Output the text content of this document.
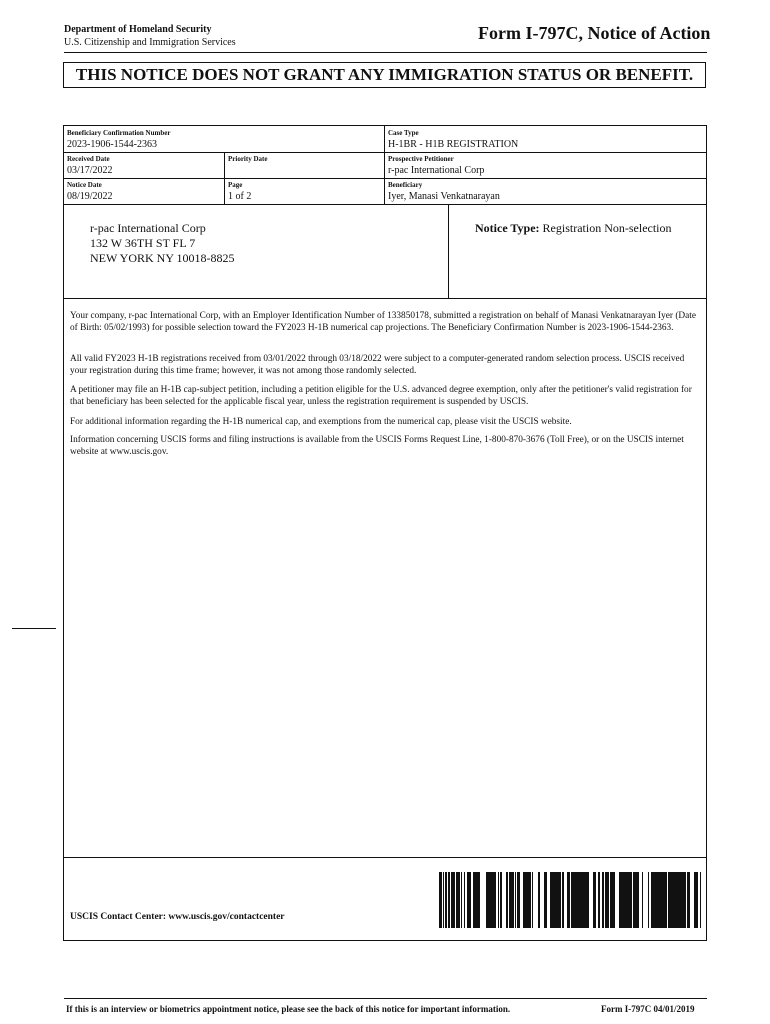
Department of Homeland Security
U.S. Citizenship and Immigration Services	Form I-797C, Notice of Action
THIS NOTICE DOES NOT GRANT ANY IMMIGRATION STATUS OR BENEFIT.
Beneficiary Confirmation Number
2023-1906-1544-2363
Case Type
H-1BR - H1B REGISTRATION
Received Date
03/17/2022
Priority Date	Prospective Petitioner
r-pac International Corp
Notice Date
08/19/2022
Page
1 of 2
Beneficiary
Iyer, Manasi Venkatnarayan
r-pac International Corp
132 W 36TH ST FL 7
NEW YORK NY 10018-8825
Notice Type: Registration Non-selection
Your company, r-pac International Corp, with an Employer Identification Number of 133850178, submitted a registration on behalf of Manasi Venkatnarayan Iyer (Date of Birth: 05/02/1993) for possible selection toward the FY2023 H-1B numerical cap projections. The Beneficiary Confirmation Number is 2023-1906-1544-2363.
All valid FY2023 H-1B registrations received from 03/01/2022 through 03/18/2022 were subject to a computer-generated random selection process. USCIS received your registration during this time frame; however, it was not among those randomly selected.
A petitioner may file an H-1B cap-subject petition, including a petition eligible for the U.S. advanced degree exemption, only after the petitioner's valid registration for that beneficiary has been selected for the applicable fiscal year, unless the registration requirement is suspended by USCIS.
For additional information regarding the H-1B numerical cap, and exemptions from the numerical cap, please visit the USCIS website.
Information concerning USCIS forms and filing instructions is available from the USCIS Forms Request Line, 1-800-870-3676 (Toll Free), or on the USCIS internet website at www.uscis.gov.
USCIS Contact Center: www.uscis.gov/contactcenter
If this is an interview or biometrics appointment notice, please see the back of this notice for important information.	Form I-797C 04/01/2019
